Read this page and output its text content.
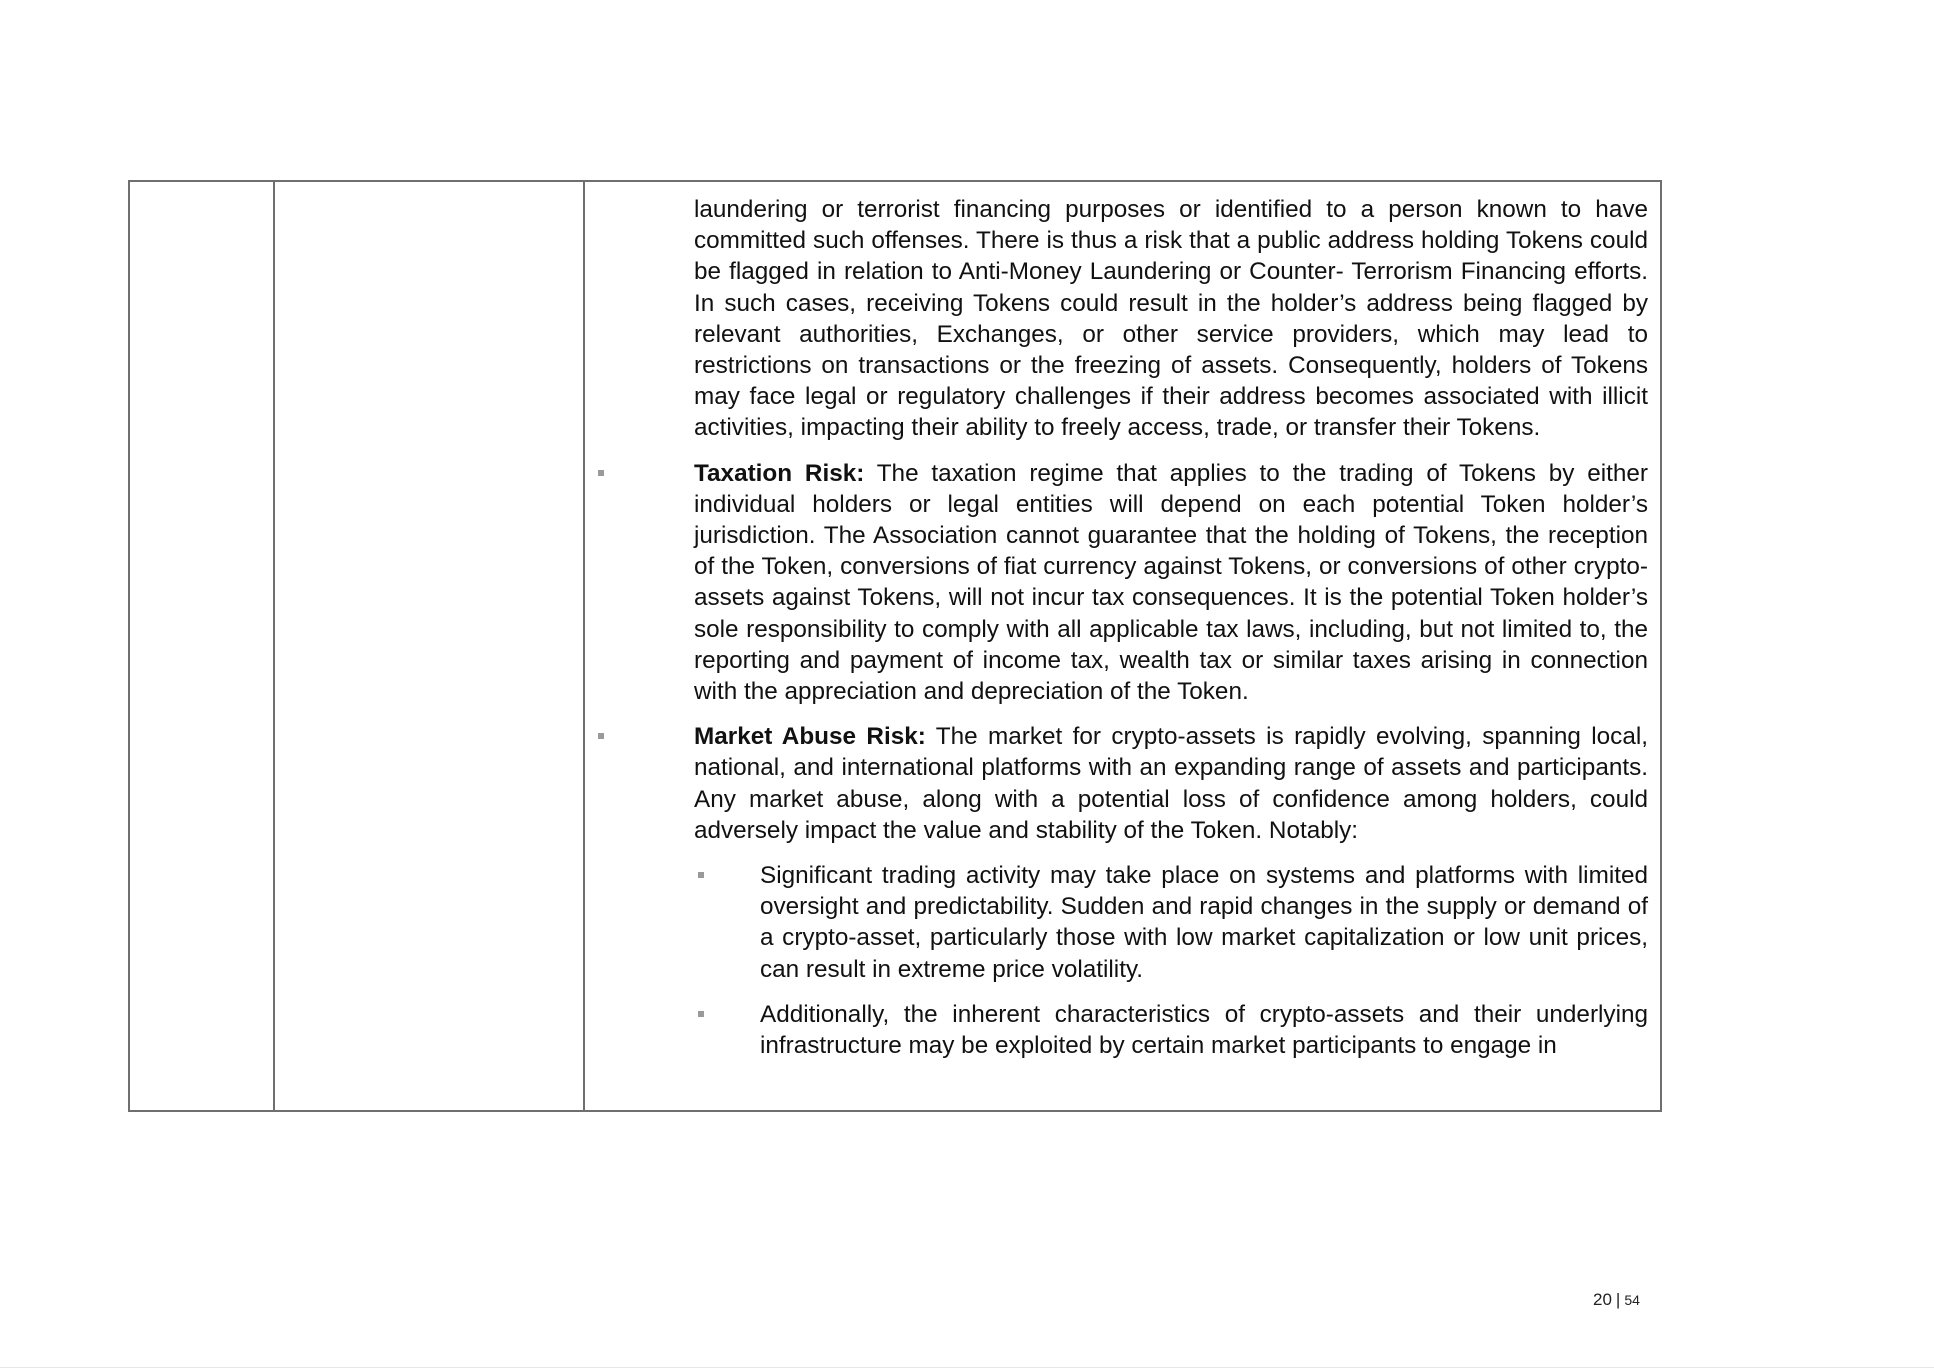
laundering or terrorist financing purposes or identified to a person known to have committed such offenses. There is thus a risk that a public address holding Tokens could be flagged in relation to Anti-Money Laundering or Counter- Terrorism Financing efforts. In such cases, receiving Tokens could result in the holder’s address being flagged by relevant authorities, Exchanges, or other service providers, which may lead to restrictions on transactions or the freezing of assets. Consequently, holders of Tokens may face legal or regulatory challenges if their address becomes associated with illicit activities, impacting their ability to freely access, trade, or transfer their Tokens.

Taxation Risk: The taxation regime that applies to the trading of Tokens by either individual holders or legal entities will depend on each potential Token holder’s jurisdiction. The Association cannot guarantee that the holding of Tokens, the reception of the Token, conversions of fiat currency against Tokens, or conversions of other crypto-assets against Tokens, will not incur tax consequences. It is the potential Token holder’s sole responsibility to comply with all applicable tax laws, including, but not limited to, the reporting and payment of income tax, wealth tax or similar taxes arising in connection with the appreciation and depreciation of the Token.

Market Abuse Risk: The market for crypto-assets is rapidly evolving, spanning local, national, and international platforms with an expanding range of assets and participants. Any market abuse, along with a potential loss of confidence among holders, could adversely impact the value and stability of the Token. Notably:

Significant trading activity may take place on systems and platforms with limited oversight and predictability. Sudden and rapid changes in the supply or demand of a crypto-asset, particularly those with low market capitalization or low unit prices, can result in extreme price volatility.

Additionally, the inherent characteristics of crypto-assets and their underlying infrastructure may be exploited by certain market participants to engage in

20 | 54
